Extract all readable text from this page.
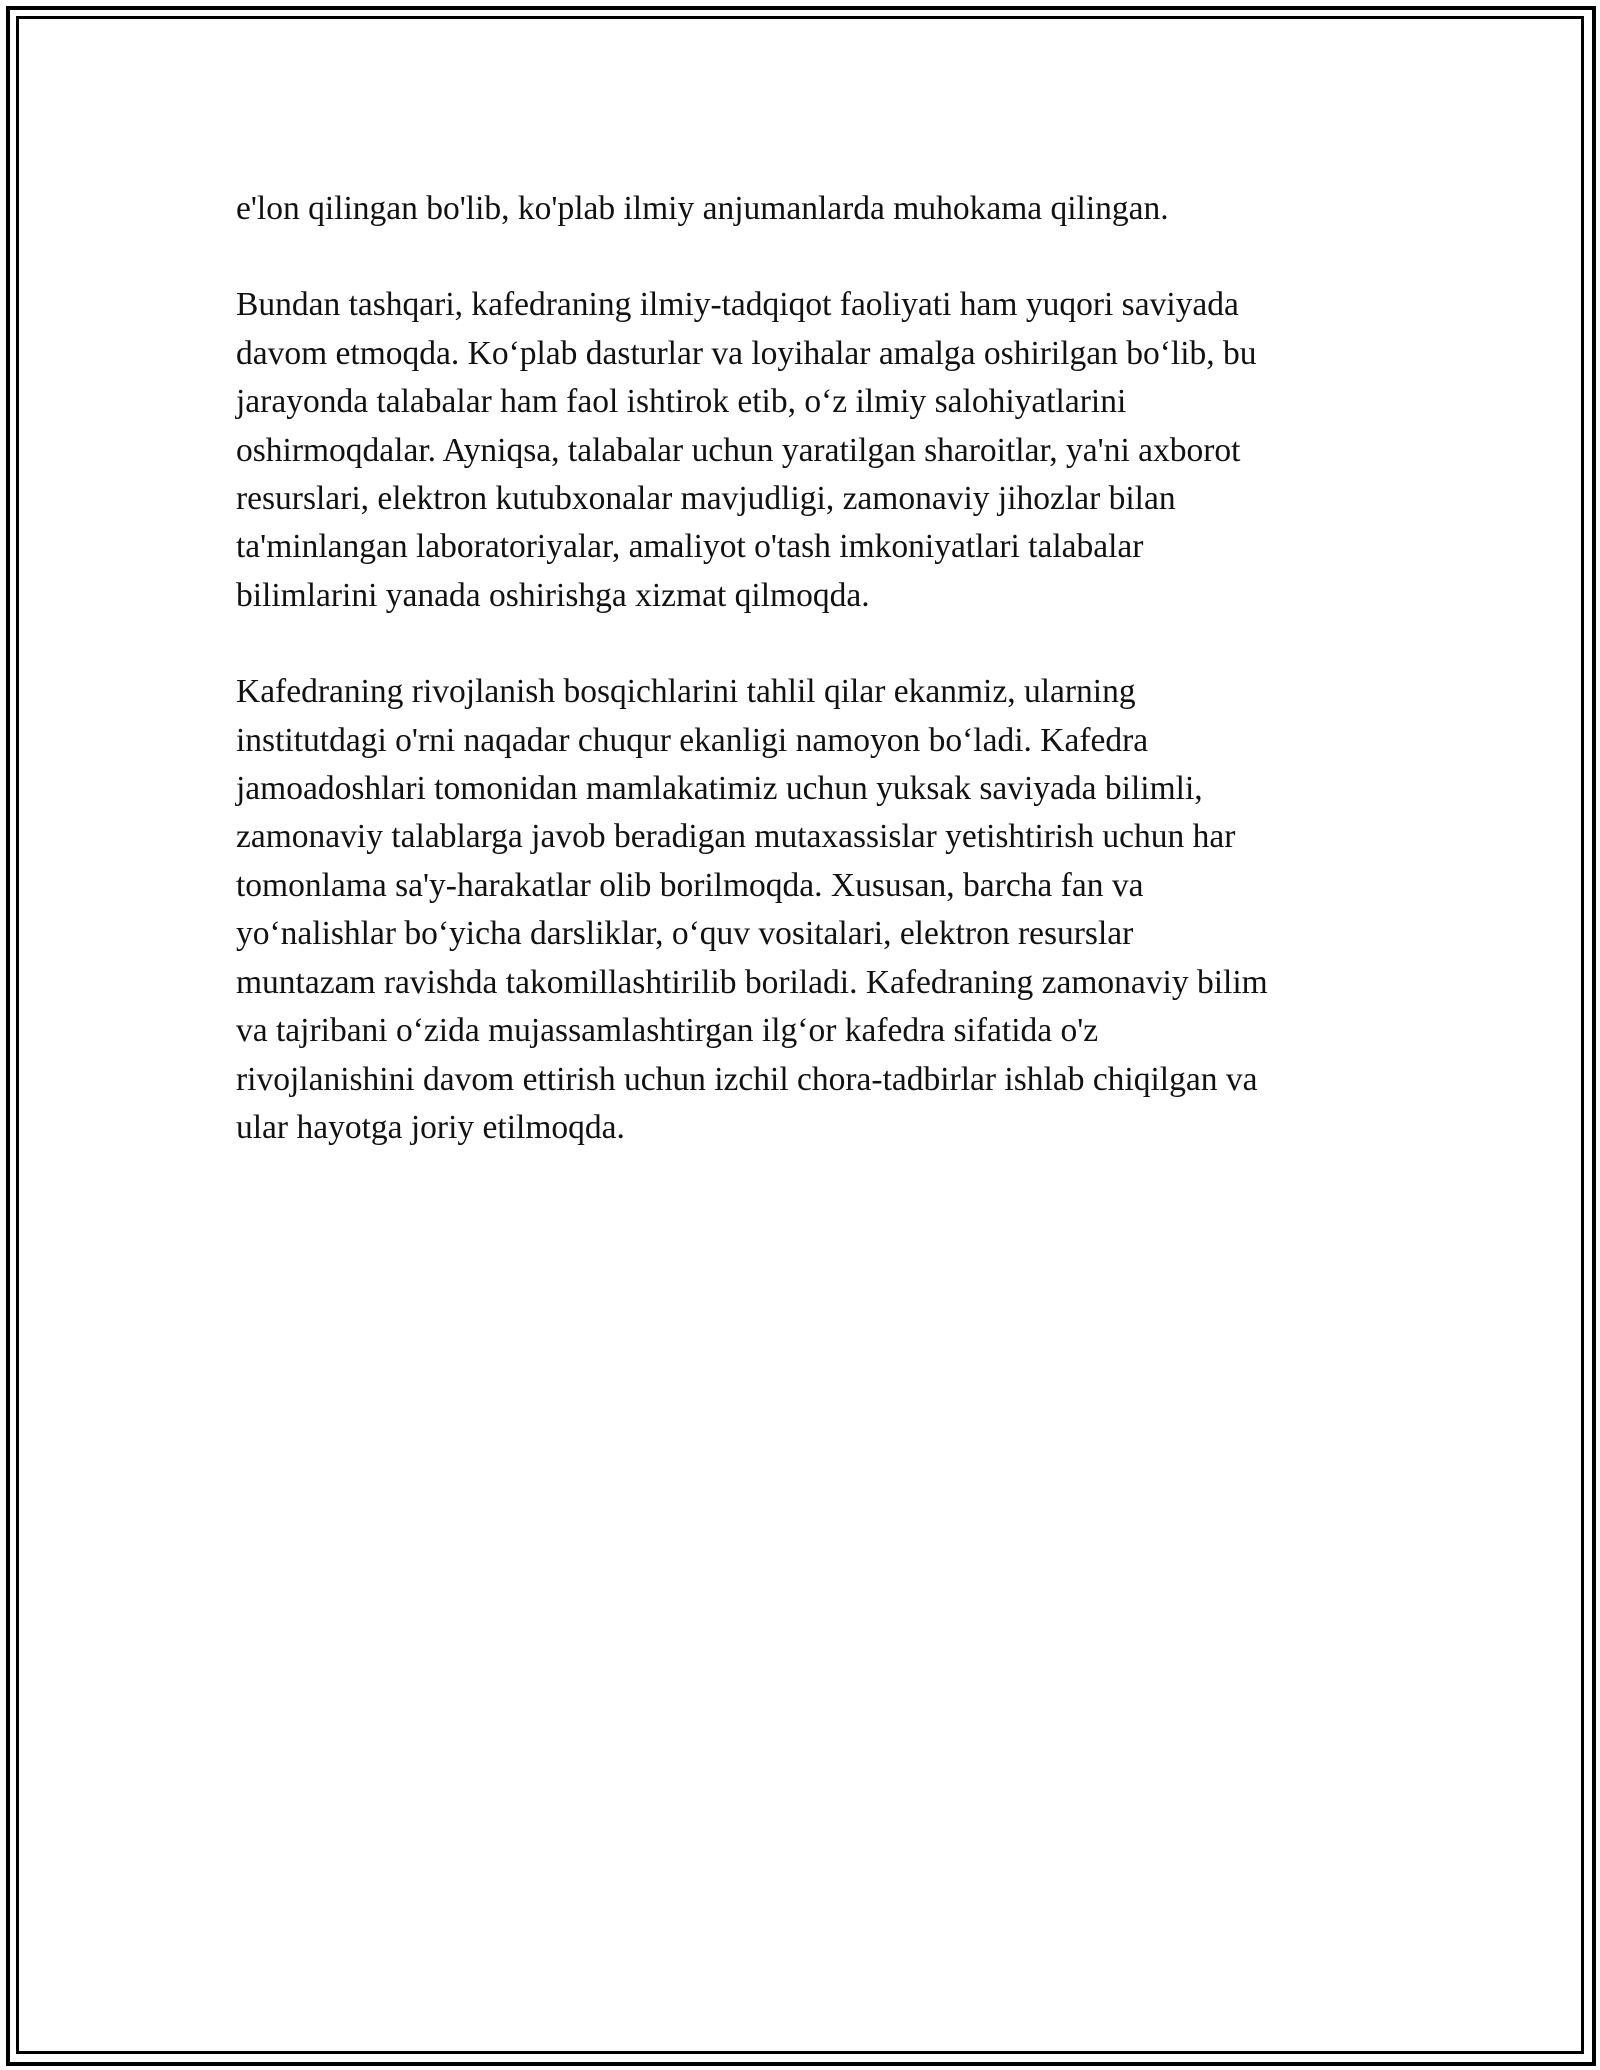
e'lon qilingan bo'lib, ko'plab ilmiy anjumanlarda muhokama qilingan.

Bundan tashqari, kafedraning ilmiy-tadqiqot faoliyati ham yuqori saviyada
davom etmoqda. Ko‘plab dasturlar va loyihalar amalga oshirilgan bo‘lib, bu
jarayonda talabalar ham faol ishtirok etib, o‘z ilmiy salohiyatlarini
oshirmoqdalar. Ayniqsa, talabalar uchun yaratilgan sharoitlar, ya'ni axborot
resurslari, elektron kutubxonalar mavjudligi, zamonaviy jihozlar bilan
ta'minlangan laboratoriyalar, amaliyot o'tash imkoniyatlari talabalar
bilimlarini yanada oshirishga xizmat qilmoqda.

Kafedraning rivojlanish bosqichlarini tahlil qilar ekanmiz, ularning
institutdagi o'rni naqadar chuqur ekanligi namoyon bo‘ladi. Kafedra
jamoadoshlari tomonidan mamlakatimiz uchun yuksak saviyada bilimli,
zamonaviy talablarga javob beradigan mutaxassislar yetishtirish uchun har
tomonlama sa'y-harakatlar olib borilmoqda. Xususan, barcha fan va
yo‘nalishlar bo‘yicha darsliklar, o‘quv vositalari, elektron resurslar
muntazam ravishda takomillashtirilib boriladi. Kafedraning zamonaviy bilim
va tajribani o‘zida mujassamlashtirgan ilg‘or kafedra sifatida o'z
rivojlanishini davom ettirish uchun izchil chora-tadbirlar ishlab chiqilgan va
ular hayotga joriy etilmoqda.
